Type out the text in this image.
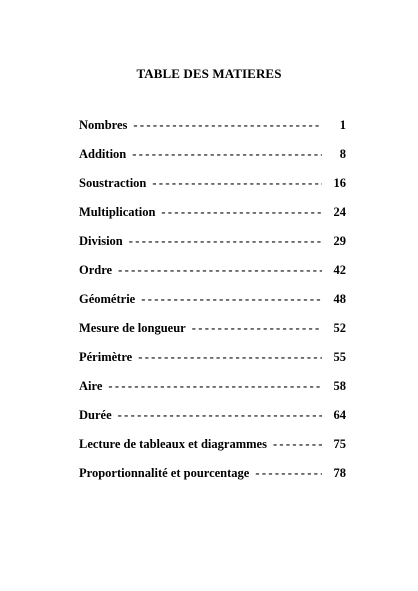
TABLE DES MATIERES
Nombres - - -	1
Addition - - -	8
Soustraction - - -	16
Multiplication - - -	24
Division - - -	29
Ordre - - -	42
Géométrie - - -	48
Mesure de longueur - - -	52
Périmètre - - -	55
Aire - - -	58
Durée - - -	64
Lecture de tableaux et diagrammes - - -	75
Proportionnalité et pourcentage - - -	78
